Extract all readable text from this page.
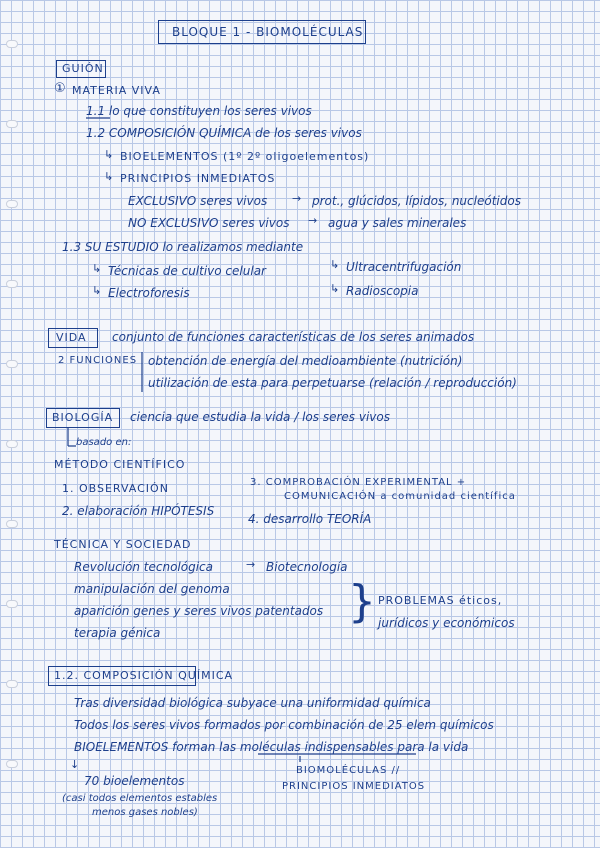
BLOQUE 1 - BIOMOLÉCULAS
GUIÓN
① MATERIA VIVA
1.1 lo que constituyen los seres vivos
1.2 COMPOSICIÓN QUÍMICA de los seres vivos
↳ BIOELEMENTOS (1º 2º oligoelementos)
↳ PRINCIPIOS INMEDIATOS
EXCLUSIVO seres vivos → prot., glúcidos, lípidos, nucleótidos
NO EXCLUSIVO seres vivos → agua y sales minerales
1.3 SU ESTUDIO lo realizamos mediante
↳ Técnicas de cultivo celular	↳ Ultracentrifugación
↳ Electroforesis	↳ Radioscopia
VIDA conjunto de funciones características de los seres animados
2 FUNCIONES obtención de energía del medioambiente (nutrición)
utilización de esta para perpetuarse (relación / reproducción)
BIOLOGÍA ciencia que estudia la vida / los seres vivos
basado en:
MÉTODO CIENTÍFICO
1. OBSERVACIÓN
2. elaboración HIPÓTESIS
3. COMPROBACIÓN EXPERIMENTAL +
COMUNICACIÓN a comunidad científica
4. desarrollo TEORÍA
TÉCNICA Y SOCIEDAD
Revolución tecnológica	→ Biotecnología
manipulación del genoma
aparición genes y seres vivos patentados
terapia génica
} PROBLEMAS éticos,
jurídicos y económicos
1.2. COMPOSICIÓN QUÍMICA
Tras diversidad biológica subyace una uniformidad química
Todos los seres vivos formados por combinación de 25 elem químicos
BIOELEMENTOS forman las moléculas indispensables para la vida
↓
70 bioelementos
(casi todos elementos estables
menos gases nobles)
BIOMOLÉCULAS //
PRINCIPIOS INMEDIATOS
